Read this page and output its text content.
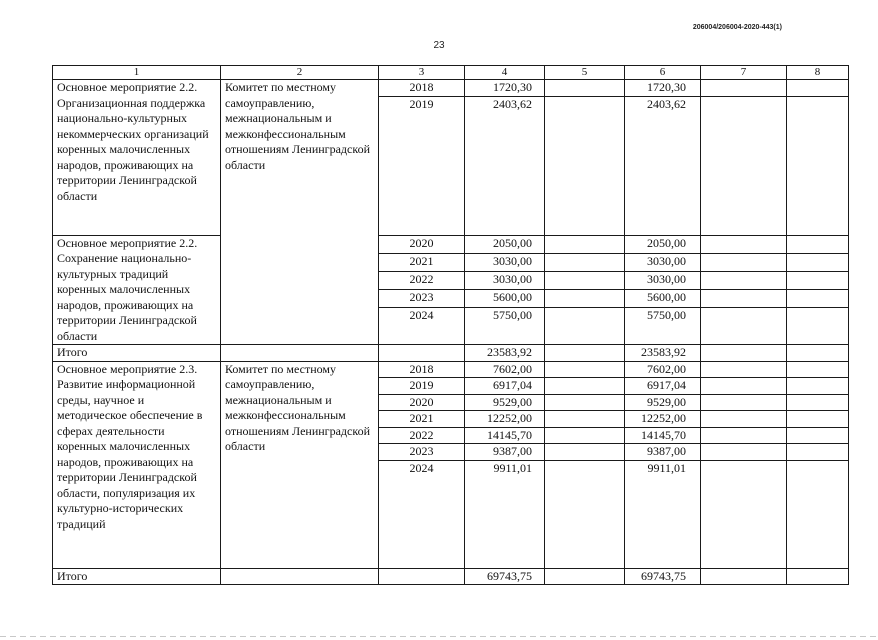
206004/206004-2020-443(1)
23
1	2	3	4	5	6	7	8
Основное мероприятие 2.2. Организационная поддержка национально-культурных некоммерческих организаций коренных малочисленных народов, проживающих на территории Ленинградской области	Комитет по местному самоуправлению, межнациональным и межконфессиональным отношениям Ленинградской области	2018	1720,30		1720,30		
		2019	2403,62		2403,62		
Основное мероприятие 2.2. Сохранение национально-культурных традиций коренных малочисленных народов, проживающих на территории Ленинградской области		2020	2050,00		2050,00		
		2021	3030,00		3030,00		
		2022	3030,00		3030,00		
		2023	5600,00		5600,00		
		2024	5750,00		5750,00		
Итого			23583,92		23583,92		
Основное мероприятие 2.3. Развитие информационной среды, научное и методическое обеспечение в сферах деятельности коренных малочисленных народов, проживающих на территории Ленинградской области, популяризация их культурно-исторических традиций	Комитет по местному самоуправлению, межнациональным и межконфессиональным отношениям Ленинградской области	2018	7602,00		7602,00		
		2019	6917,04		6917,04		
		2020	9529,00		9529,00		
		2021	12252,00		12252,00		
		2022	14145,70		14145,70		
		2023	9387,00		9387,00		
		2024	9911,01		9911,01		
Итого			69743,75		69743,75		
